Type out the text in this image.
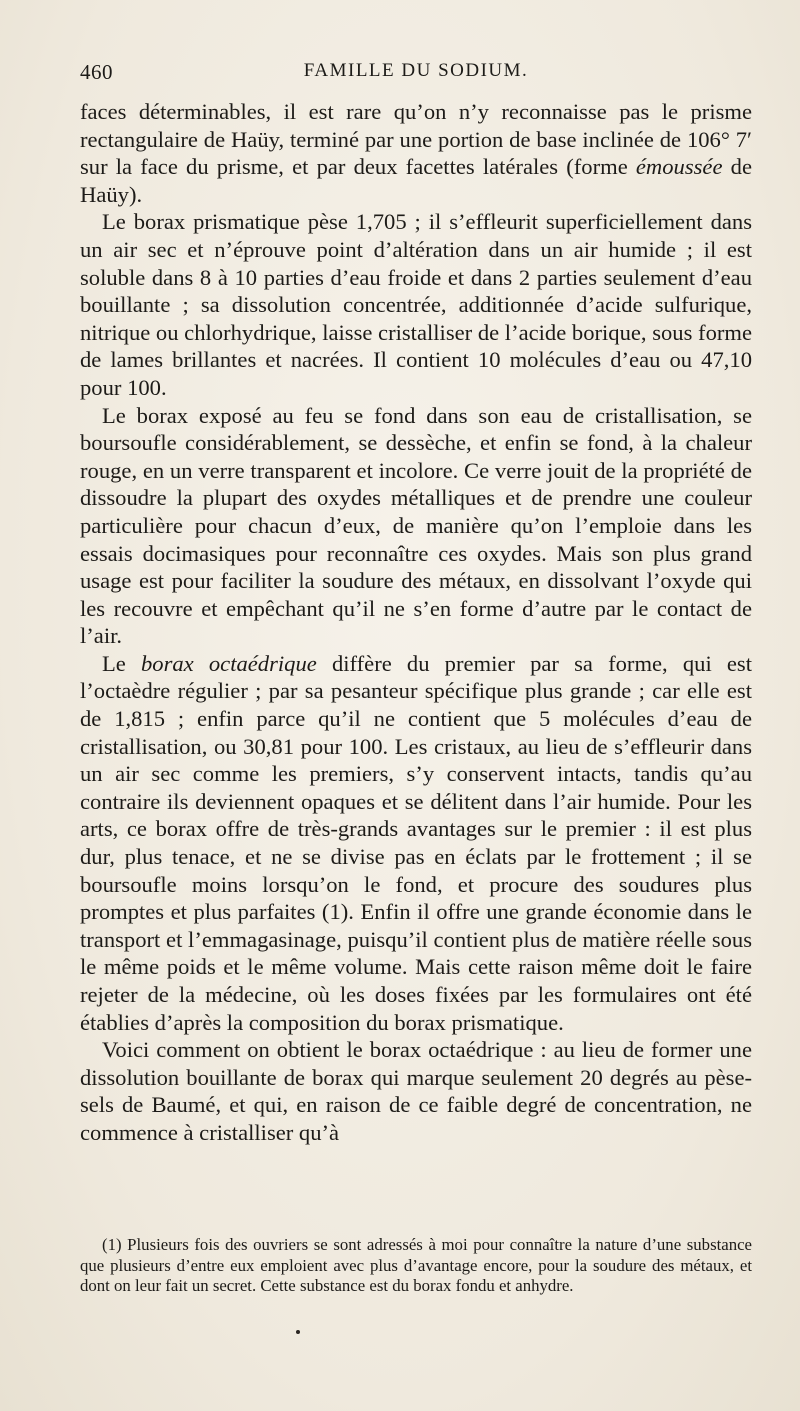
460	FAMILLE DU SODIUM.

faces déterminables, il est rare qu’on n’y reconnaisse pas le prisme rectangulaire de Haüy, terminé par une portion de base inclinée de 106° 7′ sur la face du prisme, et par deux facettes latérales (forme émoussée de Haüy).

Le borax prismatique pèse 1,705 ; il s’effleurit superficiellement dans un air sec et n’éprouve point d’altération dans un air humide ; il est soluble dans 8 à 10 parties d’eau froide et dans 2 parties seulement d’eau bouillante ; sa dissolution concentrée, additionnée d’acide sulfurique, nitrique ou chlorhydrique, laisse cristalliser de l’acide borique, sous forme de lames brillantes et nacrées. Il contient 10 molécules d’eau ou 47,10 pour 100.

Le borax exposé au feu se fond dans son eau de cristallisation, se boursoufle considérablement, se dessèche, et enfin se fond, à la chaleur rouge, en un verre transparent et incolore. Ce verre jouit de la propriété de dissoudre la plupart des oxydes métalliques et de prendre une couleur particulière pour chacun d’eux, de manière qu’on l’emploie dans les essais docimasiques pour reconnaître ces oxydes. Mais son plus grand usage est pour faciliter la soudure des métaux, en dissolvant l’oxyde qui les recouvre et empêchant qu’il ne s’en forme d’autre par le contact de l’air.

Le borax octaédrique diffère du premier par sa forme, qui est l’octaèdre régulier ; par sa pesanteur spécifique plus grande ; car elle est de 1,815 ; enfin parce qu’il ne contient que 5 molécules d’eau de cristallisation, ou 30,81 pour 100. Les cristaux, au lieu de s’effleurir dans un air sec comme les premiers, s’y conservent intacts, tandis qu’au contraire ils deviennent opaques et se délitent dans l’air humide. Pour les arts, ce borax offre de très-grands avantages sur le premier : il est plus dur, plus tenace, et ne se divise pas en éclats par le frottement ; il se boursoufle moins lorsqu’on le fond, et procure des soudures plus promptes et plus parfaites (1). Enfin il offre une grande économie dans le transport et l’emmagasinage, puisqu’il contient plus de matière réelle sous le même poids et le même volume. Mais cette raison même doit le faire rejeter de la médecine, où les doses fixées par les formulaires ont été établies d’après la composition du borax prismatique.

Voici comment on obtient le borax octaédrique : au lieu de former une dissolution bouillante de borax qui marque seulement 20 degrés au pèse-sels de Baumé, et qui, en raison de ce faible degré de concentration, ne commence à cristalliser qu’à

(1) Plusieurs fois des ouvriers se sont adressés à moi pour connaître la nature d’une substance que plusieurs d’entre eux emploient avec plus d’avantage encore, pour la soudure des métaux, et dont on leur fait un secret. Cette substance est du borax fondu et anhydre.
